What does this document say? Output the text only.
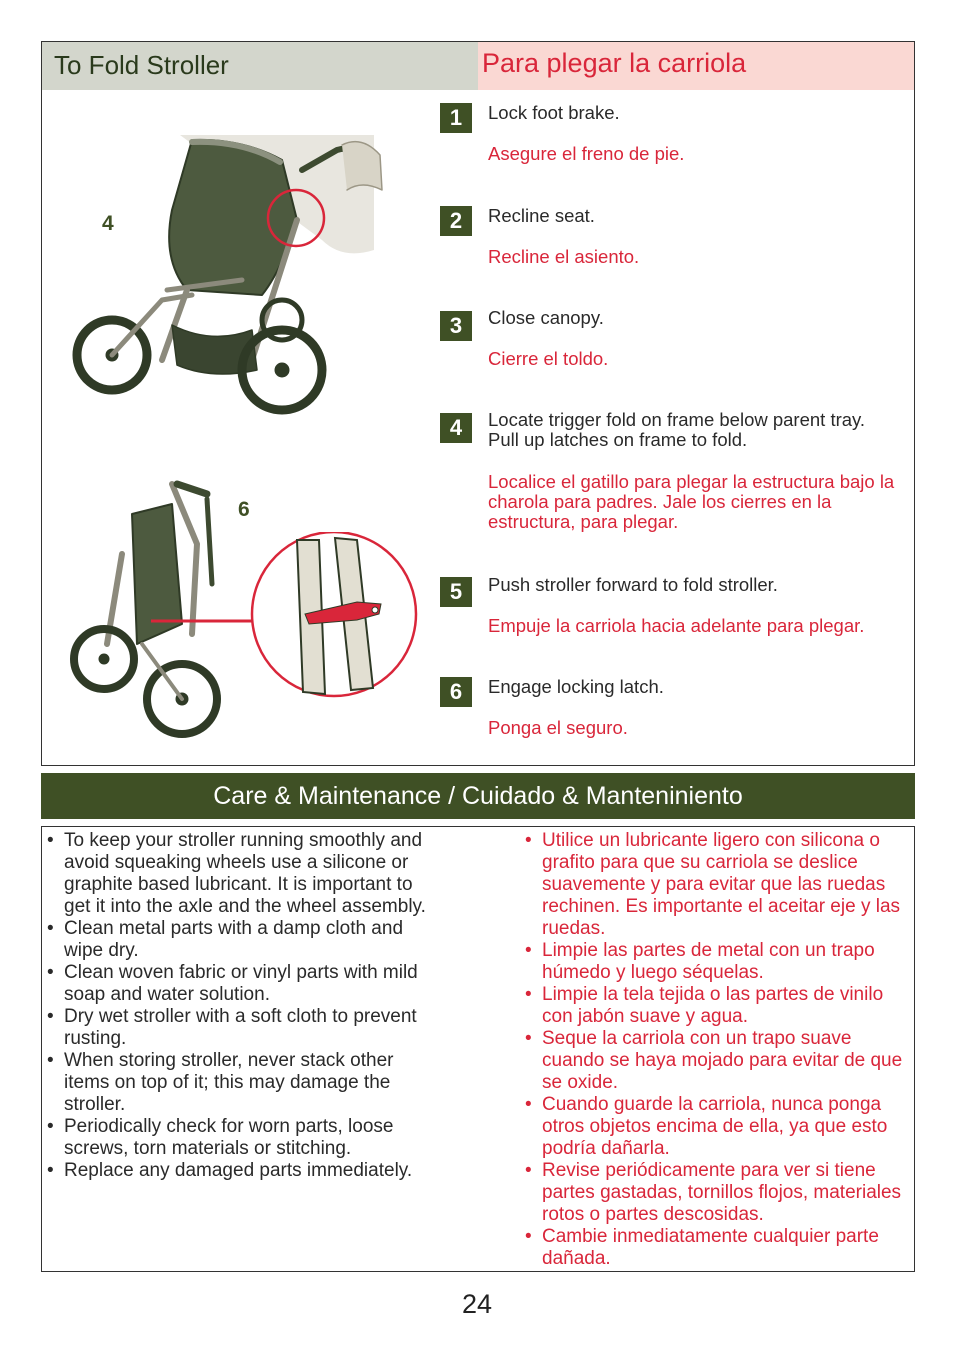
To Fold Stroller	Para plegar la carriola
4
6
1	Lock foot brake.
Asegure el freno de pie.
2	Recline seat.
Recline el asiento.
3	Close canopy.
Cierre el toldo.
4	Locate trigger fold on frame below parent tray. Pull up latches on frame to fold.
Localice el gatillo para plegar la estructura bajo la charola para padres. Jale los cierres en la estructura, para plegar.
5	Push stroller forward to fold stroller.
Empuje la carriola hacia adelante para plegar.
6	Engage locking latch.
Ponga el seguro.
Care & Maintenance / Cuidado & Manteniniento
• To keep your stroller running smoothly and avoid squeaking wheels use a silicone or graphite based lubricant. It is important to get it into the axle and the wheel assembly.
• Clean metal parts with a damp cloth and wipe dry.
• Clean woven fabric or vinyl parts with mild soap and water solution.
• Dry wet stroller with a soft cloth to prevent rusting.
• When storing stroller, never stack other items on top of it; this may damage the stroller.
• Periodically check for worn parts, loose screws, torn materials or stitching.
• Replace any damaged parts immediately.
• Utilice un lubricante ligero con silicona o grafito para que su carriola se deslice suavemente y para evitar que las ruedas rechinen. Es importante el aceitar eje y las ruedas.
• Limpie las partes de metal con un trapo húmedo y luego séquelas.
• Limpie la tela tejida o las partes de vinilo con jabón suave y agua.
• Seque la carriola con un trapo suave cuando se haya mojado para evitar de que se oxide.
• Cuando guarde la carriola, nunca ponga otros objetos encima de ella, ya que esto podría dañarla.
• Revise periódicamente para ver si tiene partes gastadas, tornillos flojos, materiales rotos o partes descosidas.
• Cambie inmediatamente cualquier parte dañada.
24
